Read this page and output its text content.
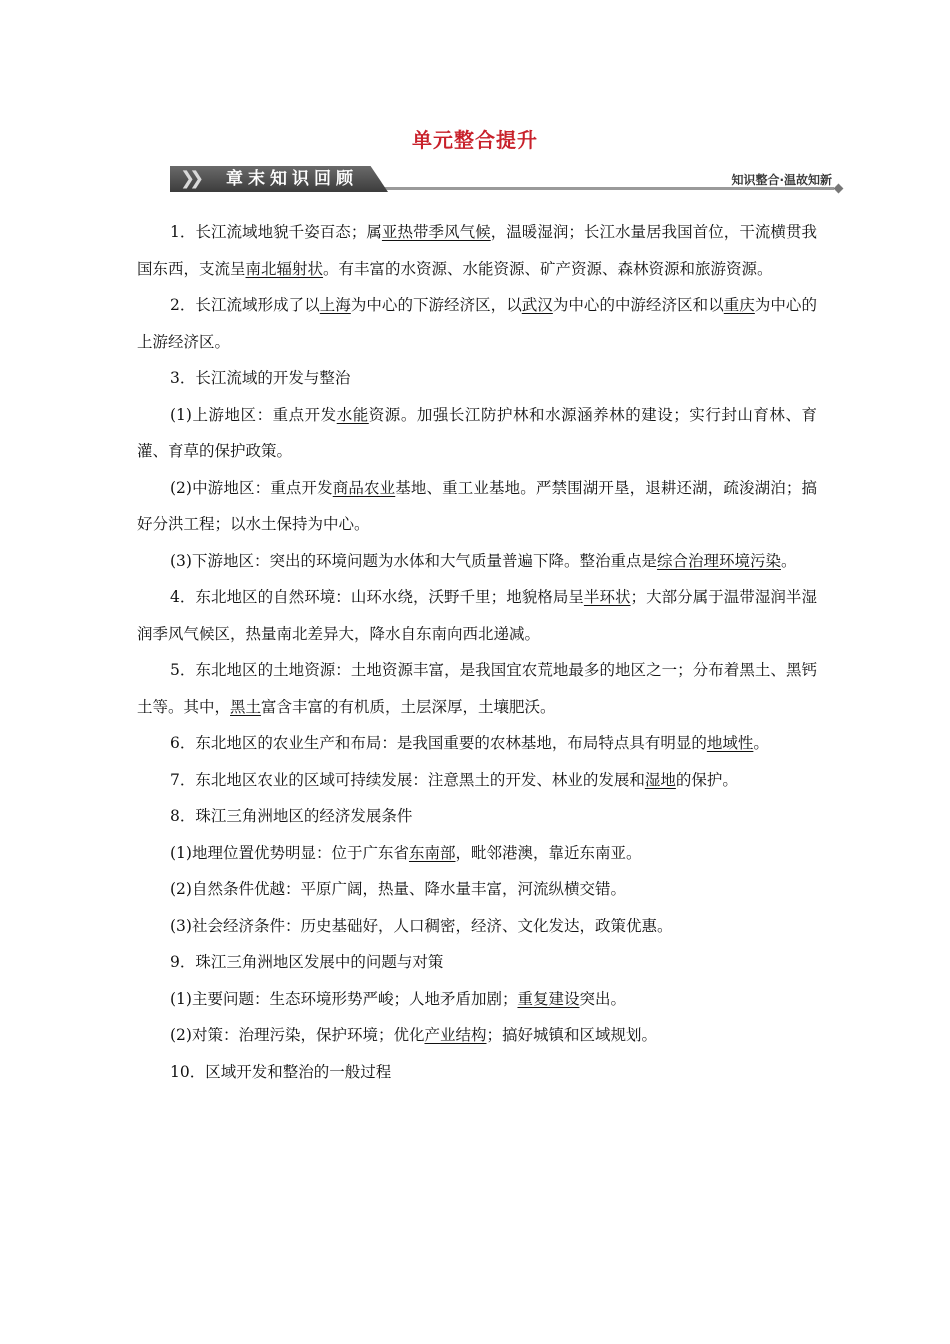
单元整合提升
❯❯	章末知识回顾	知识整合·温故知新

1．长江流域地貌千姿百态；属亚热带季风气候，温暖湿润；长江水量居我国首位，干流横贯我国东西，支流呈南北辐射状。有丰富的水资源、水能资源、矿产资源、森林资源和旅游资源。

2．长江流域形成了以上海为中心的下游经济区，以武汉为中心的中游经济区和以重庆为中心的上游经济区。

3．长江流域的开发与整治

(1)上游地区：重点开发水能资源。加强长江防护林和水源涵养林的建设；实行封山育林、育灌、育草的保护政策。

(2)中游地区：重点开发商品农业基地、重工业基地。严禁围湖开垦，退耕还湖，疏浚湖泊；搞好分洪工程；以水土保持为中心。

(3)下游地区：突出的环境问题为水体和大气质量普遍下降。整治重点是综合治理环境污染。

4．东北地区的自然环境：山环水绕，沃野千里；地貌格局呈半环状；大部分属于温带湿润半湿润季风气候区，热量南北差异大，降水自东南向西北递减。

5．东北地区的土地资源：土地资源丰富，是我国宜农荒地最多的地区之一；分布着黑土、黑钙土等。其中，黑土富含丰富的有机质，土层深厚，土壤肥沃。

6．东北地区的农业生产和布局：是我国重要的农林基地，布局特点具有明显的地域性。

7．东北地区农业的区域可持续发展：注意黑土的开发、林业的发展和湿地的保护。

8．珠江三角洲地区的经济发展条件

(1)地理位置优势明显：位于广东省东南部，毗邻港澳，靠近东南亚。

(2)自然条件优越：平原广阔，热量、降水量丰富，河流纵横交错。

(3)社会经济条件：历史基础好，人口稠密，经济、文化发达，政策优惠。

9．珠江三角洲地区发展中的问题与对策

(1)主要问题：生态环境形势严峻；人地矛盾加剧；重复建设突出。

(2)对策：治理污染，保护环境；优化产业结构；搞好城镇和区域规划。

10．区域开发和整治的一般过程
